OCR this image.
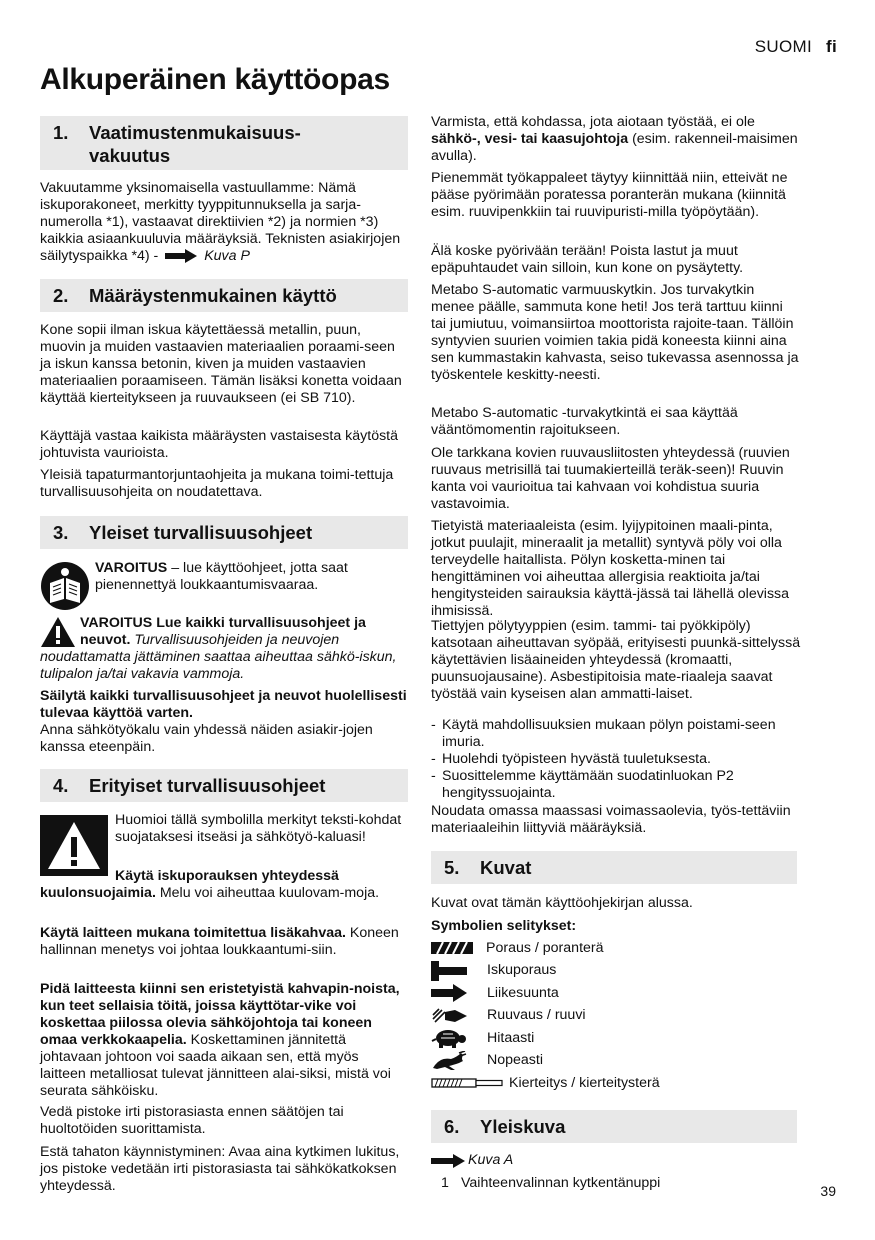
SUOMI fi
Alkuperäinen käyttöopas
1.	Vaatimustenmukaisuus-vakuutus

Vakuutamme yksinomaisella vastuullamme: Nämä iskuporakoneet, merkitty tyyppitunnuksella ja sarja-numerolla *1), vastaavat direktiivien *2) ja normien *3) kaikkia asiaankuuluvia määräyksiä. Teknisten asiakirjojen säilytyspaikka *4) -	Kuva P

2.	Määräystenmukainen käyttö

Kone sopii ilman iskua käytettäessä metallin, puun, muovin ja muiden vastaavien materiaalien poraami-seen ja iskun kanssa betonin, kiven ja muiden vastaavien materiaalien poraamiseen. Tämän lisäksi konetta voidaan käyttää kierteitykseen ja ruuvaukseen (ei SB 710).

Käyttäjä vastaa kaikista määräysten vastaisesta käytöstä johtuvista vaurioista.

Yleisiä tapaturmantorjuntaohjeita ja mukana toimi-tettuja turvallisuusohjeita on noudatettava.

3.	Yleiset turvallisuusohjeet

VAROITUS – lue käyttöohjeet, jotta saat pienennettyä loukkaantumisvaaraa.

VAROITUS Lue kaikki turvallisuusohjeet ja neuvot. Turvallisuusohjeiden ja neuvojen noudattamatta jättäminen saattaa aiheuttaa sähkö-iskun, tulipalon ja/tai vakavia vammoja.

Säilytä kaikki turvallisuusohjeet ja neuvot huolellisesti tulevaa käyttöä varten.

Anna sähkötyökalu vain yhdessä näiden asiakir-jojen kanssa eteenpäin.

4.	Erityiset turvallisuusohjeet

Huomioi tällä symbolilla merkityt teksti-kohdat suojataksesi itseäsi ja sähkötyö-kaluasi!

Käytä iskuporauksen yhteydessä kuulonsuojaimia. Melu voi aiheuttaa kuulovam-moja.

Käytä laitteen mukana toimitettua lisäkahvaa. Koneen hallinnan menetys voi johtaa loukkaantumi-siin.

Pidä laitteesta kiinni sen eristetyistä kahvapin-noista, kun teet sellaisia töitä, joissa käyttötar-vike voi koskettaa piilossa olevia sähköjohtoja tai koneen omaa verkkokaapelia. Koskettaminen jännitettä johtavaan johtoon voi saada aikaan sen, että myös laitteen metalliosat tulevat jännitteen alai-siksi, mistä voi seurata sähköisku.

Vedä pistoke irti pistorasiasta ennen säätöjen tai huoltotöiden suorittamista.

Estä tahaton käynnistyminen: Avaa aina kytkimen lukitus, jos pistoke vedetään irti pistorasiasta tai sähkökatkoksen yhteydessä.

Varmista, että kohdassa, jota aiotaan työstää, ei ole sähkö-, vesi- tai kaasujohtoja (esim. rakenneil-maisimen avulla).

Pienemmät työkappaleet täytyy kiinnittää niin, etteivät ne pääse pyörimään poratessa poranterän mukana (kiinnitä esim. ruuvipenkkiin tai ruuvipuristi-milla työpöytään).

Älä koske pyörivään terään! Poista lastut ja muut epäpuhtaudet vain silloin, kun kone on pysäytetty.

Metabo S-automatic varmuuskytkin. Jos turvakytkin menee päälle, sammuta kone heti! Jos terä tarttuu kiinni tai jumiutuu, voimansiirtoa moottorista rajoite-taan. Tällöin syntyvien suurien voimien takia pidä koneesta kiinni aina sen kummastakin kahvasta, seiso tukevassa asennossa ja työskentele keskitty-neesti.

Metabo S-automatic -turvakytkintä ei saa käyttää vääntömomentin rajoitukseen.

Ole tarkkana kovien ruuvausliitosten yhteydessä (ruuvien ruuvaus metrisillä tai tuumakierteillä teräk-seen)! Ruuvin kanta voi vaurioitua tai kahvaan voi kohdistua suuria vastavoimia.

Tietyistä materiaaleista (esim. lyijypitoinen maali-pinta, jotkut puulajit, mineraalit ja metallit) syntyvä pöly voi olla terveydelle haitallista. Pölyn kosketta-minen tai hengittäminen voi aiheuttaa allergisia reaktioita ja/tai hengitysteiden sairauksia käyttä-jässä tai lähellä olevissa ihmisissä.

Tiettyjen pölytyyppien (esim. tammi- tai pyökkipöly) katsotaan aiheuttavan syöpää, erityisesti puunkä-sittelyssä käytettävien lisäaineiden yhteydessä (kromaatti, puunsuojausaine). Asbestipitoisia mate-riaaleja saavat työstää vain kyseisen alan ammatti-laiset.

- Käytä mahdollisuuksien mukaan pölyn poistami-seen imuria.
- Huolehdi työpisteen hyvästä tuuletuksesta.
- Suosittelemme käyttämään suodatinluokan P2 hengityssuojainta.

Noudata omassa maassasi voimassaolevia, työs-tettäviin materiaaleihin liittyviä määräyksiä.

5.	Kuvat

Kuvat ovat tämän käyttöohjekirjan alussa.

Symbolien selitykset:

Poraus / poranterä
Iskuporaus
Liikesuunta
Ruuvaus / ruuvi
Hitaasti
Nopeasti
Kierteitys / kierteitysterä
6.	Yleiskuva
Kuva A
1 Vaihteenvalinnan kytkentänuppi	39
